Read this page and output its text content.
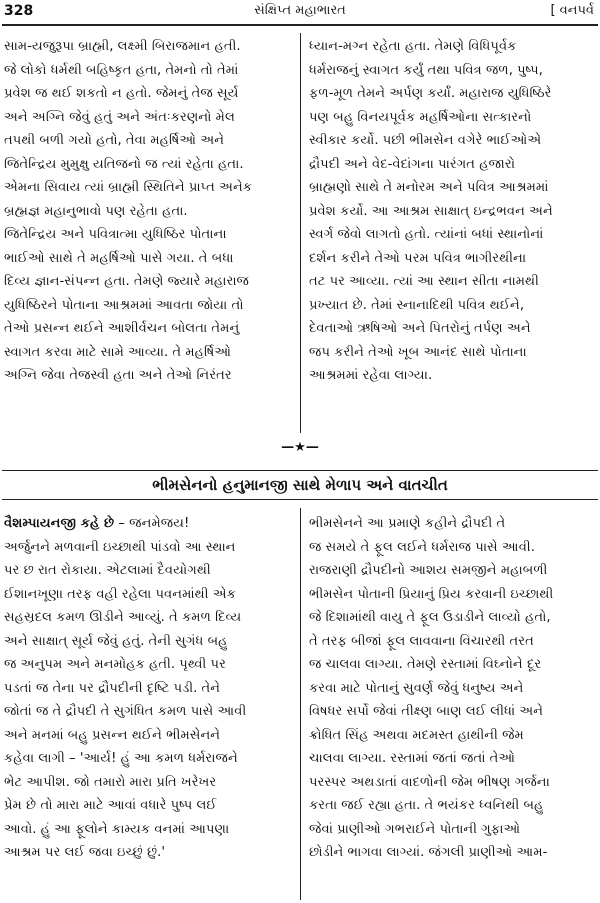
328	સંક્ષિપ્ત મહાભારત	[ વનપર્વ
સામ-યજુરૂપા બ્રાહ્મી, લક્ષ્મી બિરાજમાન હતી.
જે લોકો ધર્મથી બહિષ્કૃત હતા, તેમનો તો તેમાં
પ્રવેશ જ થઈ શકતો ન હતો. જેમનું તેજ સૂર્ય
અને અગ્નિ જેવું હતું અને અંતઃકરણનો મેલ
તપથી બળી ગયો હતો, તેવા મહર્ષિઓ અને
જિતેન્દ્રિય મુમુક્ષુ યતિજનો જ ત્યાં રહેતા હતા.
એમના સિવાય ત્યાં બ્રાહ્મી સ્થિતિને પ્રાપ્ત અનેક
બ્રહ્મજ્ઞ મહાનુભાવો પણ રહેતા હતા.
જિતેન્દ્રિય અને પવિત્રાત્મા યુધિષ્ઠિર પોતાના
ભાઈઓ સાથે તે મહર્ષિઓ પાસે ગયા. તે બધા
દિવ્ય જ્ઞાન-સંપન્ન હતા. તેમણે જ્યારે મહારાજ
યુધિષ્ઠિરને પોતાના આશ્રમમાં આવતા જોયા તો
તેઓ પ્રસન્ન થઈને આશીર્વચન બોલતા તેમનું
સ્વાગત કરવા માટે સામે આવ્યા. તે મહર્ષિઓ
અગ્નિ જેવા તેજસ્વી હતા અને તેઓ નિરંતર
ધ્યાન-મગ્ન રહેતા હતા. તેમણે વિધિપૂર્વક
ધર્મરાજનું સ્વાગત કર્યું તથા પવિત્ર જળ, પુષ્પ,
ફળ-મૂળ તેમને અર્પણ કર્યાં. મહારાજ યુધિષ્ઠિરે
પણ બહુ વિનયપૂર્વક મહર્ષિઓના સત્કારનો
સ્વીકાર કર્યો. પછી ભીમસેન વગેરે ભાઈઓએ
દ્રૌપદી અને વેદ-વેદાંગના પારંગત હજારો
બ્રાહ્મણો સાથે તે મનોરમ અને પવિત્ર આશ્રમમાં
પ્રવેશ કર્યો. આ આશ્રમ સાક્ષાત્ ઇન્દ્રભવન અને
સ્વર્ગ જેવો લાગતો હતો. ત્યાંનાં બધાં સ્થાનોનાં
દર્શન કરીને તેઓ પરમ પવિત્ર ભાગીરથીના
તટ પર આવ્યા. ત્યાં આ સ્થાન સીતા નામથી
પ્રખ્યાત છે. તેમાં સ્નાનાદિથી પવિત્ર થઈને,
દેવતાઓ ઋષિઓ અને પિતરોનું તર્પણ અને
જપ કરીને તેઓ ખૂબ આનંદ સાથે પોતાના
આશ્રમમાં રહેવા લાગ્યા.
—★—
ભીમસેનનો હનુમાનજી સાથે મેળાપ અને વાતચીત
વૈશમ્પાયનજી કહે છે – જનમેજય!
અર્જુનને મળવાની ઇચ્છાથી પાંડવો આ સ્થાન
પર છ રાત રોકાયા. એટલામાં દૈવયોગથી
ઈશાનખૂણા તરફ વહી રહેલા પવનમાંથી એક
સહસ્રદલ કમળ ઊડીને આવ્યું. તે કમળ દિવ્ય
અને સાક્ષાત્ સૂર્ય જેવું હતું. તેની સુગંધ બહુ
જ અનુપમ અને મનમોહક હતી. પૃથ્વી પર
પડતાં જ તેના પર દ્રૌપદીની દૃષ્ટિ પડી. તેને
જોતાં જ તે દ્રૌપદી તે સુગંધિત કમળ પાસે આવી
અને મનમાં બહુ પ્રસન્ન થઈને ભીમસેનને
કહેવા લાગી – 'આર્ય! હું આ કમળ ધર્મરાજને
ભેટ આપીશ. જો તમારો મારા પ્રતિ ખરેખર
પ્રેમ છે તો મારા માટે આવાં વધારે પુષ્પ લઈ
આવો. હું આ ફૂલોને કામ્યક વનમાં આપણા
આશ્રમ પર લઈ જવા ઇચ્છું છું.'
ભીમસેનને આ પ્રમાણે કહીને દ્રૌપદી તે
જ સમયે તે ફૂલ લઈને ધર્મરાજ પાસે આવી.
રાજરાણી દ્રૌપદીનો આશય સમજીને મહાબળી
ભીમસેન પોતાની પ્રિયાનું પ્રિય કરવાની ઇચ્છાથી
જે દિશામાંથી વાયુ તે ફૂલ ઉડાડીને લાવ્યો હતો,
તે તરફ બીજાં ફૂલ લાવવાના વિચારથી તરત
જ ચાલવા લાગ્યા. તેમણે રસ્તામાં વિઘ્નોને દૂર
કરવા માટે પોતાનું સુવર્ણ જેવું ધનુષ્ય અને
વિષધર સર્પો જેવાં તીક્ષ્ણ બાણ લઈ લીધાં અને
ક્રોધિત સિંહ અથવા મદમસ્ત હાથીની જેમ
ચાલવા લાગ્યા. રસ્તામાં જતાં જતાં તેઓ
પરસ્પર અથડાતાં વાદળોની જેમ ભીષણ ગર્જના
કરતા જઈ રહ્યા હતા. તે ભયંકર ધ્વનિથી બહુ
જેવાં પ્રાણીઓ ગભરાઈને પોતાની ગુફાઓ
છોડીને ભાગવા લાગ્યાં. જંગલી પ્રાણીઓ આમ-
